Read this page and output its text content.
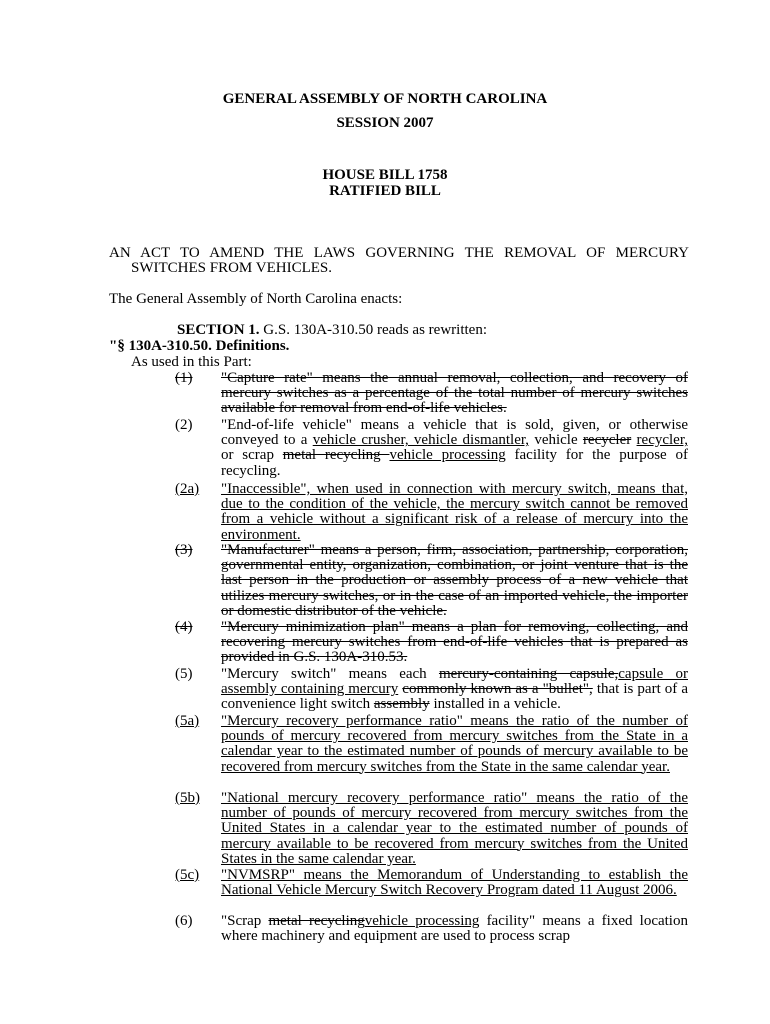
GENERAL ASSEMBLY OF NORTH CAROLINA
SESSION 2007
HOUSE BILL 1758
RATIFIED BILL
AN ACT TO AMEND THE LAWS GOVERNING THE REMOVAL OF MERCURY SWITCHES FROM VEHICLES.
The General Assembly of North Carolina enacts:
SECTION 1. G.S. 130A-310.50 reads as rewritten:
"§ 130A-310.50. Definitions.
As used in this Part:
(1) "Capture rate" means the annual removal, collection, and recovery of mercury switches as a percentage of the total number of mercury switches available for removal from end-of-life vehicles.
(2) "End-of-life vehicle" means a vehicle that is sold, given, or otherwise conveyed to a vehicle crusher, vehicle dismantler, vehicle recycler recycler, or scrap metal recycling vehicle processing facility for the purpose of recycling.
(2a) "Inaccessible", when used in connection with mercury switch, means that, due to the condition of the vehicle, the mercury switch cannot be removed from a vehicle without a significant risk of a release of mercury into the environment.
(3) "Manufacturer" means a person, firm, association, partnership, corporation, governmental entity, organization, combination, or joint venture that is the last person in the production or assembly process of a new vehicle that utilizes mercury switches, or in the case of an imported vehicle, the importer or domestic distributor of the vehicle.
(4) "Mercury minimization plan" means a plan for removing, collecting, and recovering mercury switches from end-of-life vehicles that is prepared as provided in G.S. 130A-310.53.
(5) "Mercury switch" means each mercury-containing capsule,capsule or assembly containing mercury commonly known as a "bullet", that is part of a convenience light switch assembly installed in a vehicle.
(5a) "Mercury recovery performance ratio" means the ratio of the number of pounds of mercury recovered from mercury switches from the State in a calendar year to the estimated number of pounds of mercury available to be recovered from mercury switches from the State in the same calendar year.
(5b) "National mercury recovery performance ratio" means the ratio of the number of pounds of mercury recovered from mercury switches from the United States in a calendar year to the estimated number of pounds of mercury available to be recovered from mercury switches from the United States in the same calendar year.
(5c) "NVMSRP" means the Memorandum of Understanding to establish the National Vehicle Mercury Switch Recovery Program dated 11 August 2006.
(6) "Scrap metal recyclingvehicle processing facility" means a fixed location where machinery and equipment are used to process scrap
